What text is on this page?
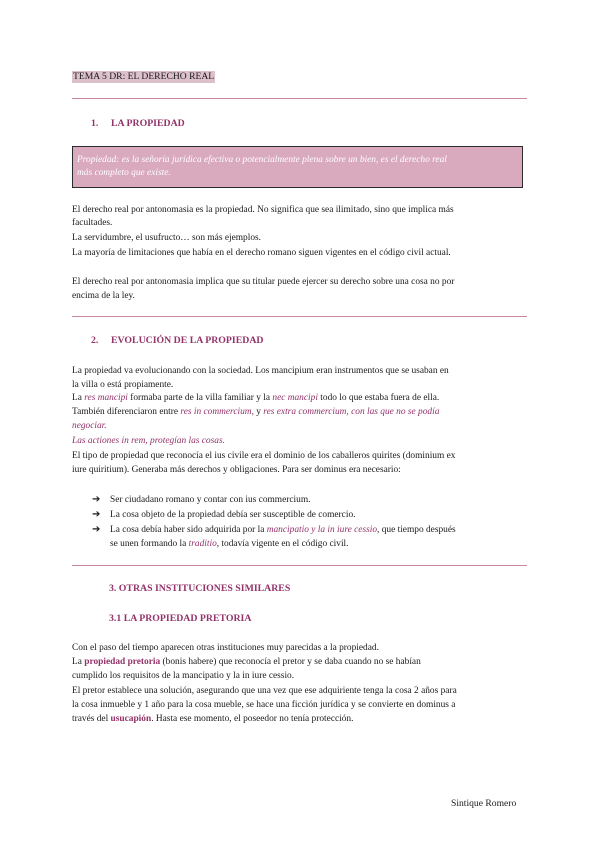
TEMA 5 DR: EL DERECHO REAL
1. LA PROPIEDAD
Propiedad: es la señoría jurídica efectiva o potencialmente plena sobre un bien, es el derecho real
más completo que existe.
El derecho real por antonomasia es la propiedad. No significa que sea ilimitado, sino que implica más
facultades.
La servidumbre, el usufructo… son más ejemplos.
La mayoría de limitaciones que había en el derecho romano siguen vigentes en el código civil actual.
El derecho real por antonomasia implica que su titular puede ejercer su derecho sobre una cosa no por
encima de la ley.
2. EVOLUCIÓN DE LA PROPIEDAD
La propiedad va evolucionando con la sociedad. Los mancipium eran instrumentos que se usaban en
la villa o está propiamente.
La res mancipi formaba parte de la villa familiar y la nec mancipi todo lo que estaba fuera de ella.
También diferenciaron entre res in commercium, y res extra commercium, con las que no se podía
negociar.
Las actiones in rem, protegían las cosas.
El tipo de propiedad que reconocía el ius civile era el dominio de los caballeros quirites (dominium ex
iure quiritium). Generaba más derechos y obligaciones. Para ser dominus era necesario:
➔ Ser ciudadano romano y contar con ius commercium.
➔ La cosa objeto de la propiedad debía ser susceptible de comercio.
➔ La cosa debía haber sido adquirida por la mancipatio y la in iure cessio, que tiempo después
se unen formando la traditio, todavía vigente en el código civil.
3. OTRAS INSTITUCIONES SIMILARES
3.1 LA PROPIEDAD PRETORIA
Con el paso del tiempo aparecen otras instituciones muy parecidas a la propiedad.
La propiedad pretoria (bonis habere) que reconocía el pretor y se daba cuando no se habían
cumplido los requisitos de la mancipatio y la in iure cessio.
El pretor establece una solución, asegurando que una vez que ese adquiriente tenga la cosa 2 años para
la cosa inmueble y 1 año para la cosa mueble, se hace una ficción jurídica y se convierte en dominus a
través del usucapión. Hasta ese momento, el poseedor no tenía protección.
Sintique Romero
